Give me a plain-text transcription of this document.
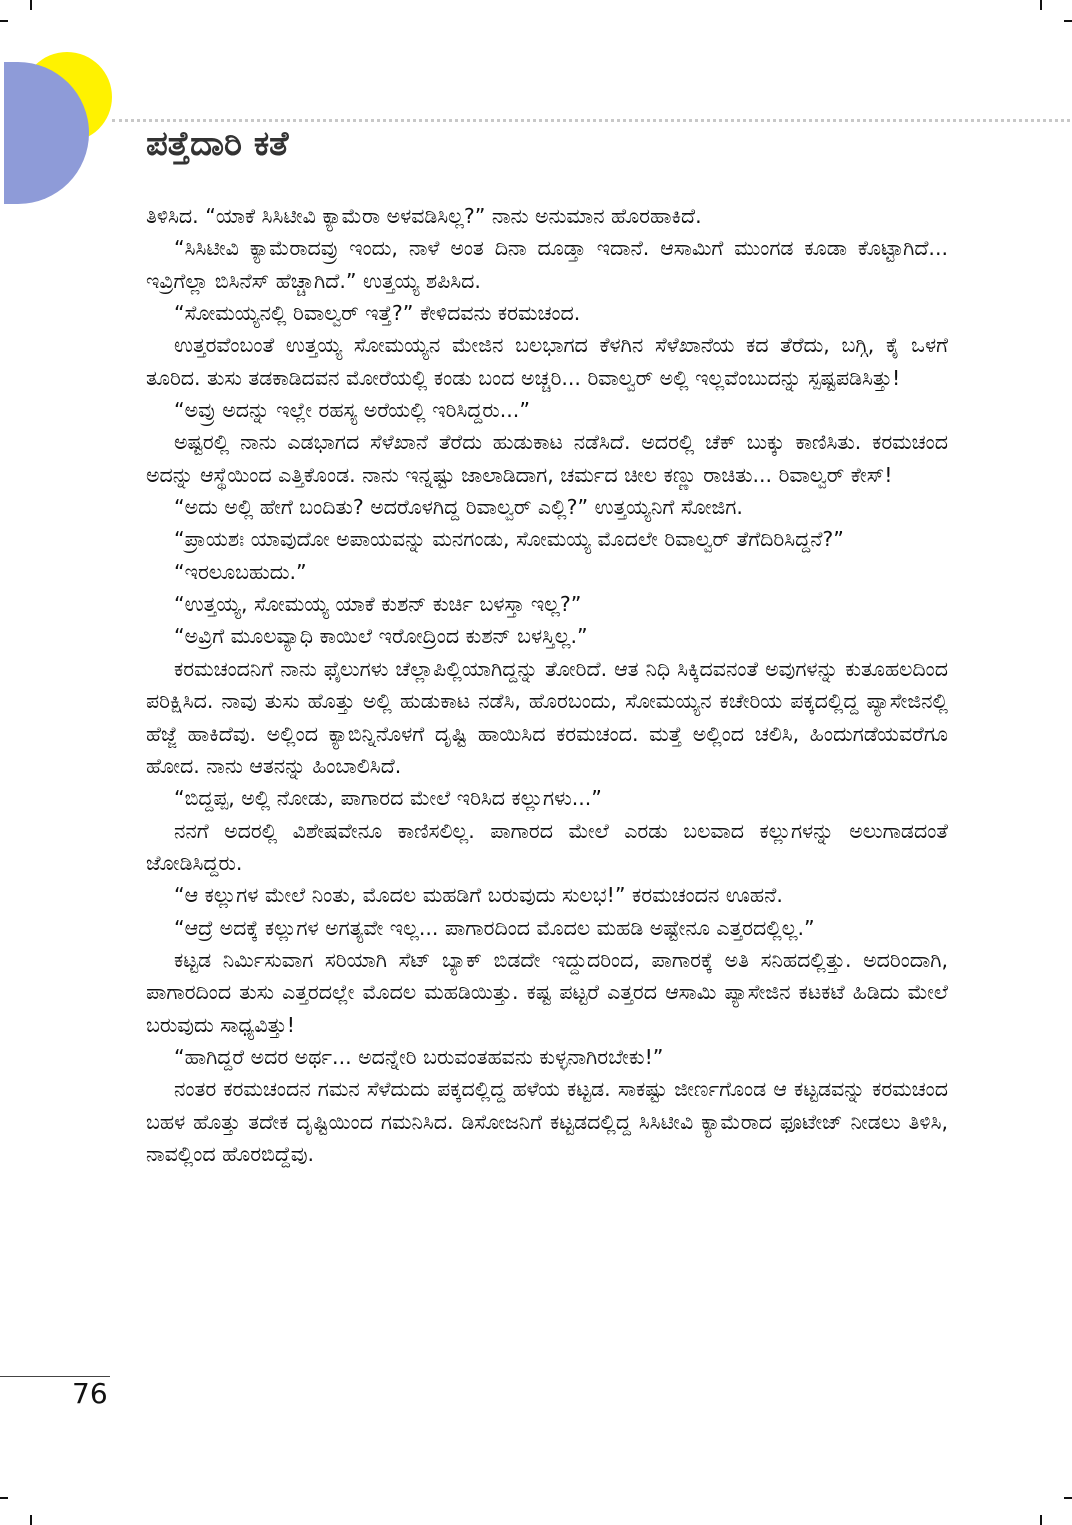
ಪತ್ತೆದಾರಿ ಕತೆ

ತಿಳಿಸಿದ. “ಯಾಕೆ ಸಿಸಿಟೀವಿ ಕ್ಯಾಮೆರಾ ಅಳವಡಿಸಿಲ್ಲ?” ನಾನು ಅನುಮಾನ ಹೊರಹಾಕಿದೆ.

“ಸಿಸಿಟೀವಿ ಕ್ಯಾಮೆರಾದವ್ರು ಇಂದು, ನಾಳೆ ಅಂತ ದಿನಾ ದೂಡ್ತಾ ಇದಾನೆ. ಆಸಾಮಿಗೆ ಮುಂಗಡ ಕೂಡಾ ಕೊಟ್ಟಾಗಿದೆ... ಇವ್ರಿಗೆಲ್ಲಾ ಬಿಸಿನೆಸ್ ಹೆಚ್ಚಾಗಿದೆ.” ಉತ್ತಯ್ಯ ಶಪಿಸಿದ.

“ಸೋಮಯ್ಯನಲ್ಲಿ ರಿವಾಲ್ವರ್ ಇತ್ತೆ?” ಕೇಳಿದವನು ಕರಮಚಂದ.

ಉತ್ತರವೆಂಬಂತೆ ಉತ್ತಯ್ಯ ಸೋಮಯ್ಯನ ಮೇಜಿನ ಬಲಭಾಗದ ಕೆಳಗಿನ ಸೆಳೆಖಾನೆಯ ಕದ ತೆರೆದು, ಬಗ್ಗಿ, ಕೈ ಒಳಗೆ ತೂರಿದ. ತುಸು ತಡಕಾಡಿದವನ ಮೋರೆಯಲ್ಲಿ ಕಂಡು ಬಂದ ಅಚ್ಚರಿ... ರಿವಾಲ್ವರ್ ಅಲ್ಲಿ ಇಲ್ಲವೆಂಬುದನ್ನು ಸ್ಪಷ್ಟಪಡಿಸಿತ್ತು!

“ಅವ್ರು ಅದನ್ನು ಇಲ್ಲೇ ರಹಸ್ಯ ಅರೆಯಲ್ಲಿ ಇರಿಸಿದ್ದರು...”

ಅಷ್ಟರಲ್ಲಿ ನಾನು ಎಡಭಾಗದ ಸೆಳೆಖಾನೆ ತೆರೆದು ಹುಡುಕಾಟ ನಡೆಸಿದೆ. ಅದರಲ್ಲಿ ಚೆಕ್ ಬುಕ್ಕು ಕಾಣಿಸಿತು. ಕರಮಚಂದ ಅದನ್ನು ಆಸ್ಥೆಯಿಂದ ಎತ್ತಿಕೊಂಡ. ನಾನು ಇನ್ನಷ್ಟು ಜಾಲಾಡಿದಾಗ, ಚರ್ಮದ ಚೀಲ ಕಣ್ಣು ರಾಚಿತು... ರಿವಾಲ್ವರ್ ಕೇಸ್!

“ಅದು ಅಲ್ಲಿ ಹೇಗೆ ಬಂದಿತು? ಅದರೊಳಗಿದ್ದ ರಿವಾಲ್ವರ್ ಎಲ್ಲಿ?” ಉತ್ತಯ್ಯನಿಗೆ ಸೋಜಿಗ.

“ಪ್ರಾಯಶಃ ಯಾವುದೋ ಅಪಾಯವನ್ನು ಮನಗಂಡು, ಸೋಮಯ್ಯ ಮೊದಲೇ ರಿವಾಲ್ವರ್ ತೆಗೆದಿರಿಸಿದ್ದನೆ?”

“ಇರಲೂಬಹುದು.”

“ಉತ್ತಯ್ಯ, ಸೋಮಯ್ಯ ಯಾಕೆ ಕುಶನ್ ಕುರ್ಚಿ ಬಳಸ್ತಾ ಇಲ್ಲ?”

“ಅವ್ರಿಗೆ ಮೂಲವ್ಯಾಧಿ ಕಾಯಿಲೆ ಇರೋದ್ರಿಂದ ಕುಶನ್ ಬಳಸ್ತಿಲ್ಲ.”

ಕರಮಚಂದನಿಗೆ ನಾನು ಫೈಲುಗಳು ಚೆಲ್ಲಾಪಿಲ್ಲಿಯಾಗಿದ್ದನ್ನು ತೋರಿದೆ. ಆತ ನಿಧಿ ಸಿಕ್ಕಿದವನಂತೆ ಅವುಗಳನ್ನು ಕುತೂಹಲದಿಂದ ಪರಿಕ್ಷಿಸಿದ. ನಾವು ತುಸು ಹೊತ್ತು ಅಲ್ಲಿ ಹುಡುಕಾಟ ನಡೆಸಿ, ಹೊರಬಂದು, ಸೋಮಯ್ಯನ ಕಚೇರಿಯ ಪಕ್ಕದಲ್ಲಿದ್ದ ಪ್ಯಾಸೇಜಿನಲ್ಲಿ ಹೆಜ್ಜೆ ಹಾಕಿದೆವು. ಅಲ್ಲಿಂದ ಕ್ಯಾಬಿನ್ನಿನೊಳಗೆ ದೃಷ್ಟಿ ಹಾಯಿಸಿದ ಕರಮಚಂದ. ಮತ್ತೆ ಅಲ್ಲಿಂದ ಚಲಿಸಿ, ಹಿಂದುಗಡೆಯವರೆಗೂ ಹೋದ. ನಾನು ಆತನನ್ನು ಹಿಂಬಾಲಿಸಿದೆ.

“ಬಿದ್ದಪ್ಪ, ಅಲ್ಲಿ ನೋಡು, ಪಾಗಾರದ ಮೇಲೆ ಇರಿಸಿದ ಕಲ್ಲುಗಳು...”

ನನಗೆ ಅದರಲ್ಲಿ ವಿಶೇಷವೇನೂ ಕಾಣಿಸಲಿಲ್ಲ. ಪಾಗಾರದ ಮೇಲೆ ಎರಡು ಬಲವಾದ ಕಲ್ಲುಗಳನ್ನು ಅಲುಗಾಡದಂತೆ ಜೋಡಿಸಿದ್ದರು.

“ಆ ಕಲ್ಲುಗಳ ಮೇಲೆ ನಿಂತು, ಮೊದಲ ಮಹಡಿಗೆ ಬರುವುದು ಸುಲಭ!” ಕರಮಚಂದನ ಊಹನೆ.

“ಆದ್ರೆ ಅದಕ್ಕೆ ಕಲ್ಲುಗಳ ಅಗತ್ಯವೇ ಇಲ್ಲ... ಪಾಗಾರದಿಂದ ಮೊದಲ ಮಹಡಿ ಅಷ್ಟೇನೂ ಎತ್ತರದಲ್ಲಿಲ್ಲ.”

ಕಟ್ಟಡ ನಿರ್ಮಿಸುವಾಗ ಸರಿಯಾಗಿ ಸೆಟ್ ಬ್ಯಾಕ್ ಬಿಡದೇ ಇದ್ದುದರಿಂದ, ಪಾಗಾರಕ್ಕೆ ಅತಿ ಸನಿಹದಲ್ಲಿತ್ತು. ಅದರಿಂದಾಗಿ, ಪಾಗಾರದಿಂದ ತುಸು ಎತ್ತರದಲ್ಲೇ ಮೊದಲ ಮಹಡಿಯಿತ್ತು. ಕಷ್ಟ ಪಟ್ಟರೆ ಎತ್ತರದ ಆಸಾಮಿ ಪ್ಯಾಸೇಜಿನ ಕಟಕಟೆ ಹಿಡಿದು ಮೇಲೆ ಬರುವುದು ಸಾಧ್ಯವಿತ್ತು!

“ಹಾಗಿದ್ದರೆ ಅದರ ಅರ್ಥ... ಅದನ್ನೇರಿ ಬರುವಂತಹವನು ಕುಳ್ಳನಾಗಿರಬೇಕು!”

ನಂತರ ಕರಮಚಂದನ ಗಮನ ಸೆಳೆದುದು ಪಕ್ಕದಲ್ಲಿದ್ದ ಹಳೆಯ ಕಟ್ಟಡ. ಸಾಕಷ್ಟು ಜೀರ್ಣಗೊಂಡ ಆ ಕಟ್ಟಡವನ್ನು ಕರಮಚಂದ ಬಹಳ ಹೊತ್ತು ತದೇಕ ದೃಷ್ಟಿಯಿಂದ ಗಮನಿಸಿದ. ಡಿಸೋಜನಿಗೆ ಕಟ್ಟಡದಲ್ಲಿದ್ದ ಸಿಸಿಟೀವಿ ಕ್ಯಾಮೆರಾದ ಫೂಟೇಜ್ ನೀಡಲು ತಿಳಿಸಿ, ನಾವಲ್ಲಿಂದ ಹೊರಬಿದ್ದೆವು.

76
